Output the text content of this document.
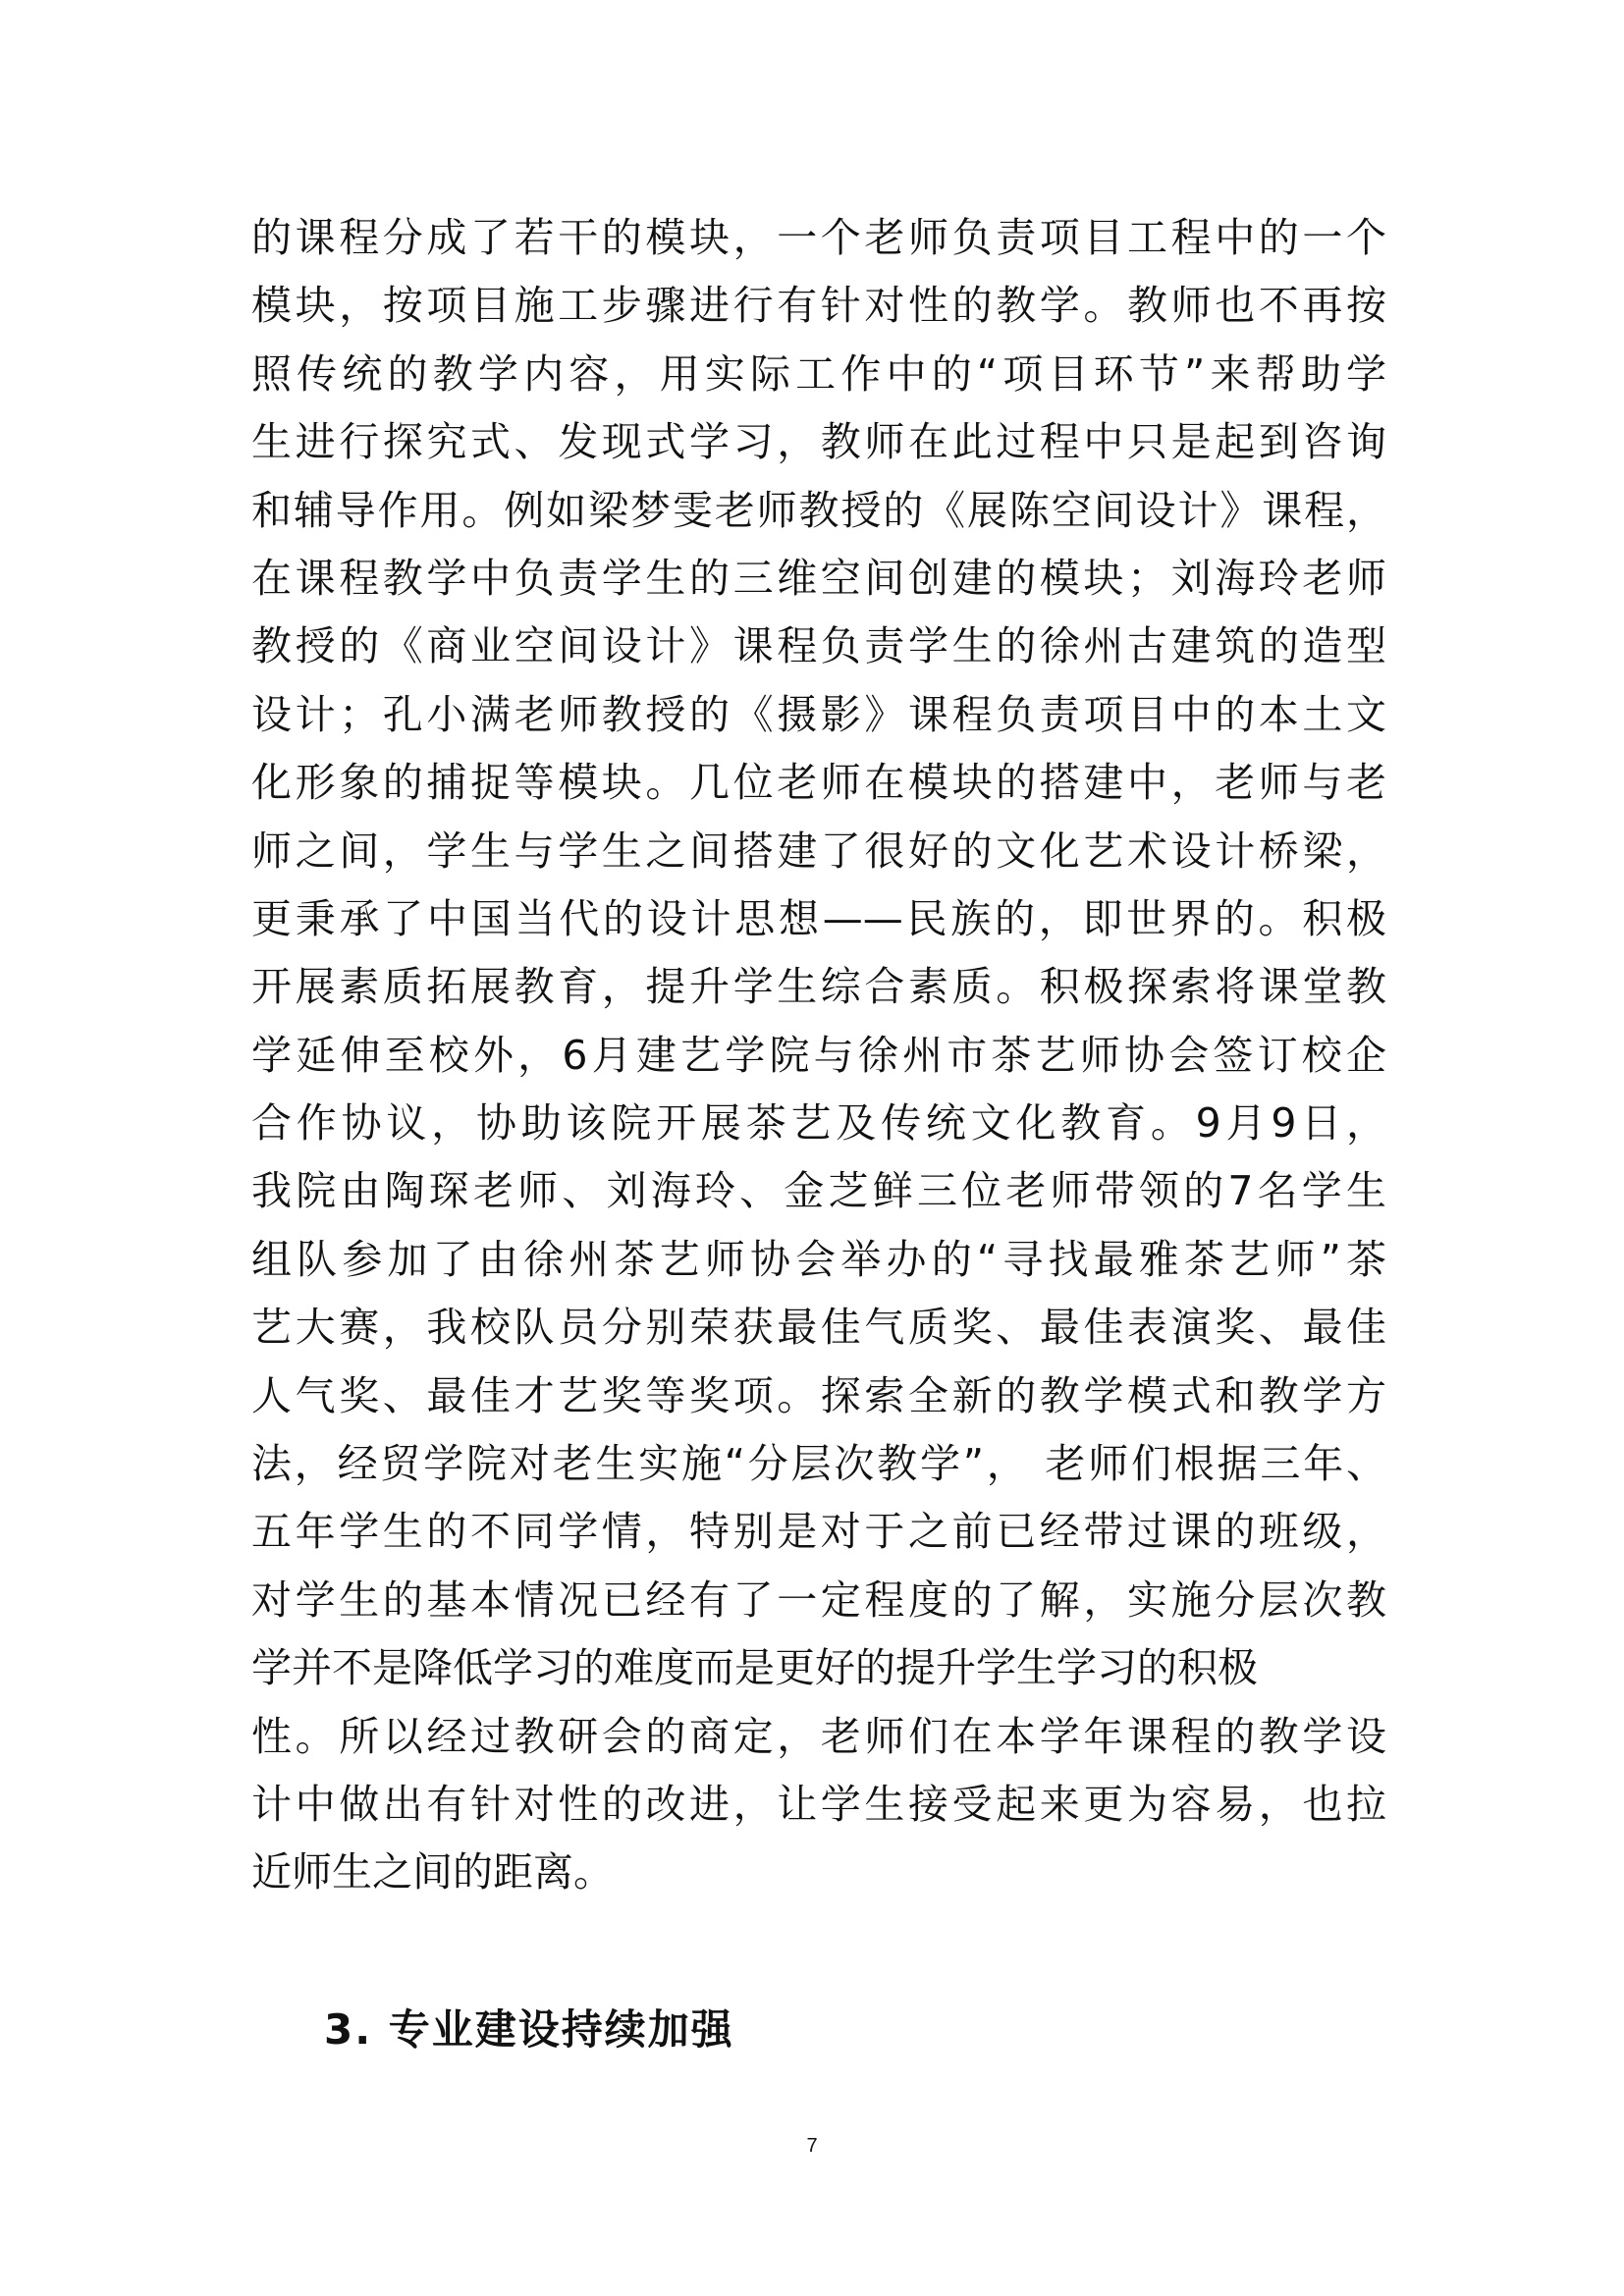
的课程分成了若干的模块，一个老师负责项目工程中的一个
模块，按项目施工步骤进行有针对性的教学。教师也不再按
照传统的教学内容，用实际工作中的“项目环节”来帮助学
生进行探究式、发现式学习，教师在此过程中只是起到咨询
和辅导作用。例如梁梦雯老师教授的《展陈空间设计》课程，
在课程教学中负责学生的三维空间创建的模块；刘海玲老师
教授的《商业空间设计》课程负责学生的徐州古建筑的造型
设计；孔小满老师教授的《摄影》课程负责项目中的本土文
化形象的捕捉等模块。几位老师在模块的搭建中，老师与老
师之间，学生与学生之间搭建了很好的文化艺术设计桥梁，
更秉承了中国当代的设计思想——民族的，即世界的。积极
开展素质拓展教育，提升学生综合素质。积极探索将课堂教
学延伸至校外，6月建艺学院与徐州市茶艺师协会签订校企
合作协议，协助该院开展茶艺及传统文化教育。9月9日，
我院由陶琛老师、刘海玲、金芝鲜三位老师带领的7名学生
组队参加了由徐州茶艺师协会举办的“寻找最雅茶艺师”茶
艺大赛，我校队员分别荣获最佳气质奖、最佳表演奖、最佳
人气奖、最佳才艺奖等奖项。探索全新的教学模式和教学方
法，经贸学院对老生实施“分层次教学”， 老师们根据三年、
五年学生的不同学情，特别是对于之前已经带过课的班级，
对学生的基本情况已经有了一定程度的了解，实施分层次教
学并不是降低学习的难度而是更好的提升学生学习的积极
性。所以经过教研会的商定，老师们在本学年课程的教学设
计中做出有针对性的改进，让学生接受起来更为容易，也拉
近师生之间的距离。
3. 专业建设持续加强
7
